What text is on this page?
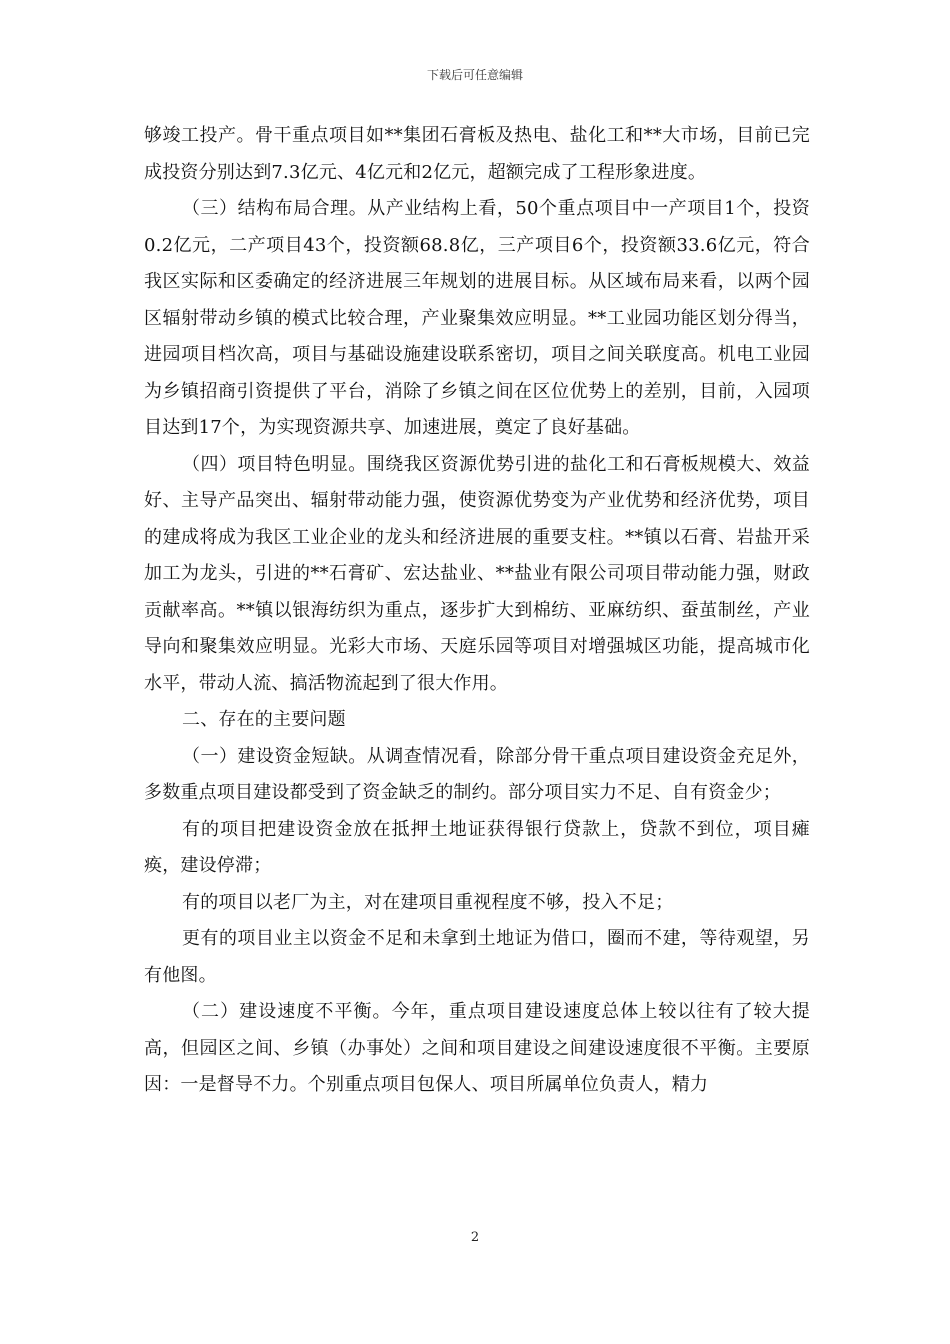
下载后可任意编辑

够竣工投产。骨干重点项目如**集团石膏板及热电、盐化工和**大市场，目前已完成投资分别达到7.3亿元、4亿元和2亿元，超额完成了工程形象进度。

（三）结构布局合理。从产业结构上看，50个重点项目中一产项目1个，投资0.2亿元，二产项目43个，投资额68.8亿，三产项目6个，投资额33.6亿元，符合我区实际和区委确定的经济进展三年规划的进展目标。从区域布局来看，以两个园区辐射带动乡镇的模式比较合理，产业聚集效应明显。**工业园功能区划分得当，进园项目档次高，项目与基础设施建设联系密切，项目之间关联度高。机电工业园为乡镇招商引资提供了平台，消除了乡镇之间在区位优势上的差别，目前，入园项目达到17个，为实现资源共享、加速进展，奠定了良好基础。

（四）项目特色明显。围绕我区资源优势引进的盐化工和石膏板规模大、效益好、主导产品突出、辐射带动能力强，使资源优势变为产业优势和经济优势，项目的建成将成为我区工业企业的龙头和经济进展的重要支柱。**镇以石膏、岩盐开采加工为龙头，引进的**石膏矿、宏达盐业、**盐业有限公司项目带动能力强，财政贡献率高。**镇以银海纺织为重点，逐步扩大到棉纺、亚麻纺织、蚕茧制丝，产业导向和聚集效应明显。光彩大市场、天庭乐园等项目对增强城区功能，提高城市化水平，带动人流、搞活物流起到了很大作用。

二、存在的主要问题

（一）建设资金短缺。从调查情况看，除部分骨干重点项目建设资金充足外，多数重点项目建设都受到了资金缺乏的制约。部分项目实力不足、自有资金少；

有的项目把建设资金放在抵押土地证获得银行贷款上，贷款不到位，项目瘫痪，建设停滞；

有的项目以老厂为主，对在建项目重视程度不够，投入不足；

更有的项目业主以资金不足和未拿到土地证为借口，圈而不建，等待观望，另有他图。

（二）建设速度不平衡。今年，重点项目建设速度总体上较以往有了较大提高，但园区之间、乡镇（办事处）之间和项目建设之间建设速度很不平衡。主要原因：一是督导不力。个别重点项目包保人、项目所属单位负责人，精力

2
